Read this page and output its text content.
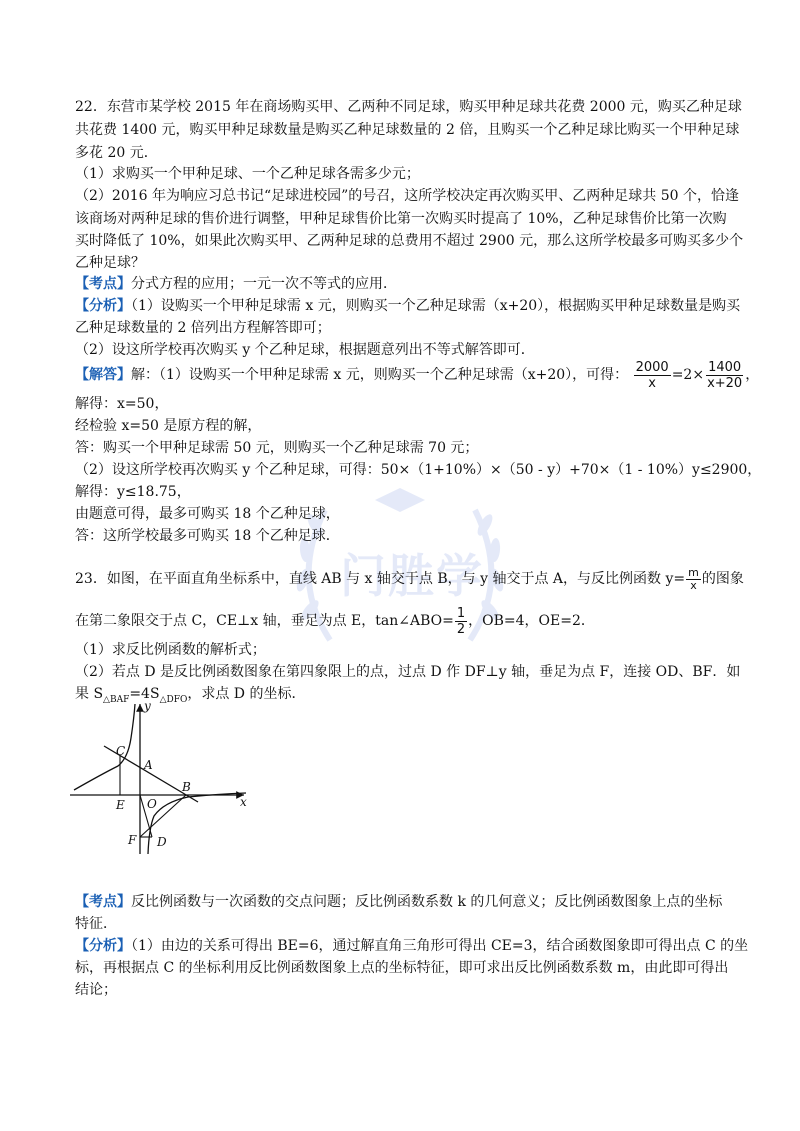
门胜学
22．东营市某学校 2015 年在商场购买甲、乙两种不同足球，购买甲种足球共花费 2000 元，购买乙种足球
共花费 1400 元，购买甲种足球数量是购买乙种足球数量的 2 倍，且购买一个乙种足球比购买一个甲种足球
多花 20 元．
（1）求购买一个甲种足球、一个乙种足球各需多少元；
（2）2016 年为响应习总书记“足球进校园”的号召，这所学校决定再次购买甲、乙两种足球共 50 个，恰逢
该商场对两种足球的售价进行调整，甲种足球售价比第一次购买时提高了 10%，乙种足球售价比第一次购
买时降低了 10%，如果此次购买甲、乙两种足球的总费用不超过 2900 元，那么这所学校最多可购买多少个
乙种足球？
【考点】分式方程的应用；一元一次不等式的应用．
【分析】（1）设购买一个甲种足球需 x 元，则购买一个乙种足球需（x+20），根据购买甲种足球数量是购买
乙种足球数量的 2 倍列出方程解答即可；
（2）设这所学校再次购买 y 个乙种足球，根据题意列出不等式解答即可．
【解答】解：（1）设购买一个甲种足球需 x 元，则购买一个乙种足球需（x+20），可得： $\frac{2000}{x} =2\times \frac{1400}{x+20}$ ，
解得：x=50，
经检验 x=50 是原方程的解，
答：购买一个甲种足球需 50 元，则购买一个乙种足球需 70 元；
（2）设这所学校再次购买 y 个乙种足球，可得：50×（1+10%）×（50 - y）+70×（1 - 10%）y≤2900，
解得：y≤18.75，
由题意可得，最多可购买 18 个乙种足球，
答：这所学校最多可购买 18 个乙种足球．
23．如图，在平面直角坐标系中，直线 AB 与 x 轴交于点 B，与 y 轴交于点 A，与反比例函数 $y= \frac{m}{x}$ 的图象
在第二象限交于点 C，CE⊥x 轴，垂足为点 E，tan∠ABO= $\frac{1}{2}$ ，OB=4，OE=2．
（1）求反比例函数的解析式；
（2）若点 D 是反比例函数图象在第四象限上的点，过点 D 作 DF⊥y 轴，垂足为点 F，连接 OD、BF．如
果 $S_{\triangle BAF}=4S_{\triangle DFO}$，求点 D 的坐标．
y
x
C
A
B
E O
F D
【考点】反比例函数与一次函数的交点问题；反比例函数系数 k 的几何意义；反比例函数图象上点的坐标
特征．
【分析】（1）由边的关系可得出 BE=6，通过解直角三角形可得出 CE=3，结合函数图象即可得出点 C 的坐
标，再根据点 C 的坐标利用反比例函数图象上点的坐标特征，即可求出反比例函数系数 m，由此即可得出
结论；
